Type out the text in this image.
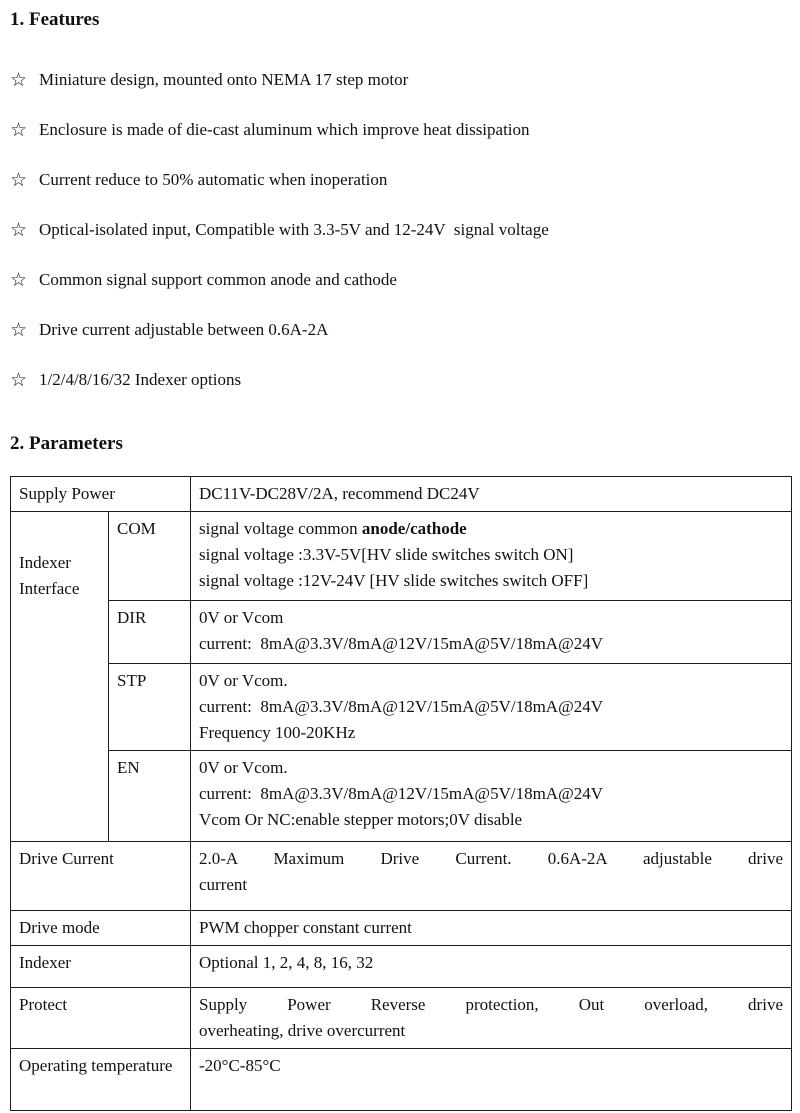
1. Features
☆ Miniature design, mounted onto NEMA 17 step motor
☆ Enclosure is made of die-cast aluminum which improve heat dissipation
☆ Current reduce to 50% automatic when inoperation
☆ Optical-isolated input, Compatible with 3.3-5V and 12-24V  signal voltage
☆ Common signal support common anode and cathode
☆ Drive current adjustable between 0.6A-2A
☆ 1/2/4/8/16/32 Indexer options
2. Parameters
Supply Power		DC11V-DC28V/2A, recommend DC24V
Indexer Interface	COM	signal voltage common anode/cathode
signal voltage :3.3V-5V[HV slide switches switch ON]
signal voltage :12V-24V [HV slide switches switch OFF]

	DIR	0V or Vcom
current:  8mA@3.3V/8mA@12V/15mA@5V/18mA@24V

	STP	0V or Vcom.
current:  8mA@3.3V/8mA@12V/15mA@5V/18mA@24V
Frequency 100-20KHz

	EN	0V or Vcom.
current:  8mA@3.3V/8mA@12V/15mA@5V/18mA@24V
Vcom Or NC:enable stepper motors;0V disable

Drive Current		2.0-A Maximum Drive Current. 0.6A-2A adjustable drive
current

Drive mode		PWM chopper constant current
Indexer		Optional 1, 2, 4, 8, 16, 32
Protect		Supply Power Reverse protection, Out overload, drive
overheating, drive overcurrent

Operating temperature		-20°C-85°C
